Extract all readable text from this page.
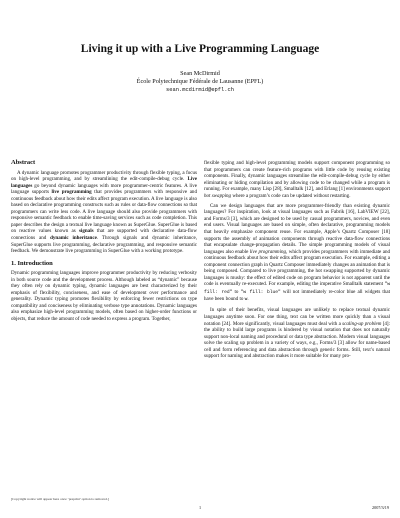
Living it up with a Live Programming Language
Sean McDirmid
École Polytechnique Fédérale de Lausanne (EPFL)
sean.mcdirmid@epfl.ch
Abstract

A dynamic language promotes programmer productivity through flexible typing, a focus on high-level programming, and by streamlining the edit-compile-debug cycle. Live languages go beyond dynamic languages with more programmer-centric features. A live language supports live programming that provides programmers with responsive and continuous feedback about how their edits affect program execution. A live language is also based on declarative programming constructs such as rules or data-flow connections so that programmers can write less code. A live language should also provide programmers with responsive semantic feedback to enable time-saving services such as code completion. This paper describes the design a textual live language known as SuperGlue. SuperGlue is based on reactive values known as signals that are supported with declarative data-flow connections and dynamic inheritance. Through signals and dynamic inheritance, SuperGlue supports live programming, declarative programming, and responsive semantic feedback. We demonstrate live programming in SuperGlue with a working prototype.

1. Introduction

Dynamic programming languages improve programmer productivity by reducing verbosity in both source code and the development process. Although labeled as “dynamic” because they often rely on dynamic typing, dynamic languages are best characterized by their emphasis of flexibility, conciseness, and ease of development over performance and generality. Dynamic typing promotes flexibility by enforcing fewer restrictions on type compatibility and conciseness by eliminating verbose type annotations. Dynamic languages also emphasize high-level programming models, often based on higher-order functions or objects, that reduce the amount of code needed to express a program. Together,

flexible typing and high-level programming models support component programming so that programmers can create feature-rich programs with little code by reusing existing components. Finally, dynamic languages streamline the edit-compile-debug cycle by either eliminating or hiding compilation and by allowing code to be changed while a program is running. For example, many Lisp [28], Smalltalk [12], and Erlang [1] environments support hot swapping where a program’s code can be updated without restarting.

Can we design languages that are more programmer-friendly than existing dynamic languages? For inspiration, look at visual languages such as Fabrik [16], LabVIEW [22], and Forms/3 [3], which are designed to be used by casual programmers, novices, and even end users. Visual languages are based on simple, often declarative, programming models that heavily emphasize component reuse. For example, Apple’s Quartz Composer [18] supports the assembly of animation components through reactive data-flow connections that encapsulate change-propagation details. The simple programming models of visual languages also enable live programming, which provides programmers with immediate and continuous feedback about how their edits affect program execution. For example, editing a component connection graph in Quartz Composer immediately changes an animation that is being composed. Compared to live programming, the hot swapping supported by dynamic languages is mushy: the effect of edited code on program behavior is not apparent until the code is eventually re-executed. For example, editing the imperative Smalltalk statement "w fill: red" to "w fill: blue" will not immediately re-color blue all widgets that have been bound to w.

In spite of their benefits, visual languages are unlikely to replace textual dynamic languages anytime soon. For one thing, text can be written more quickly than a visual notation [24]. More significantly, visual languages must deal with a scaling-up problem [4]: the ability to build large programs is hindered by visual notation that does not naturally support non-local naming and procedural or data type abstraction. Modern visual languages solve the scaling up problem in a variety of ways, e.g., Forms/3 [3] allow for name-based cell and form referencing and data abstraction through generic forms. Still, text’s natural support for naming and abstraction makes it more suitable for many pro-

[Copyright notice will appear here once ’preprint’ option is removed.]
1	2007/3/19
